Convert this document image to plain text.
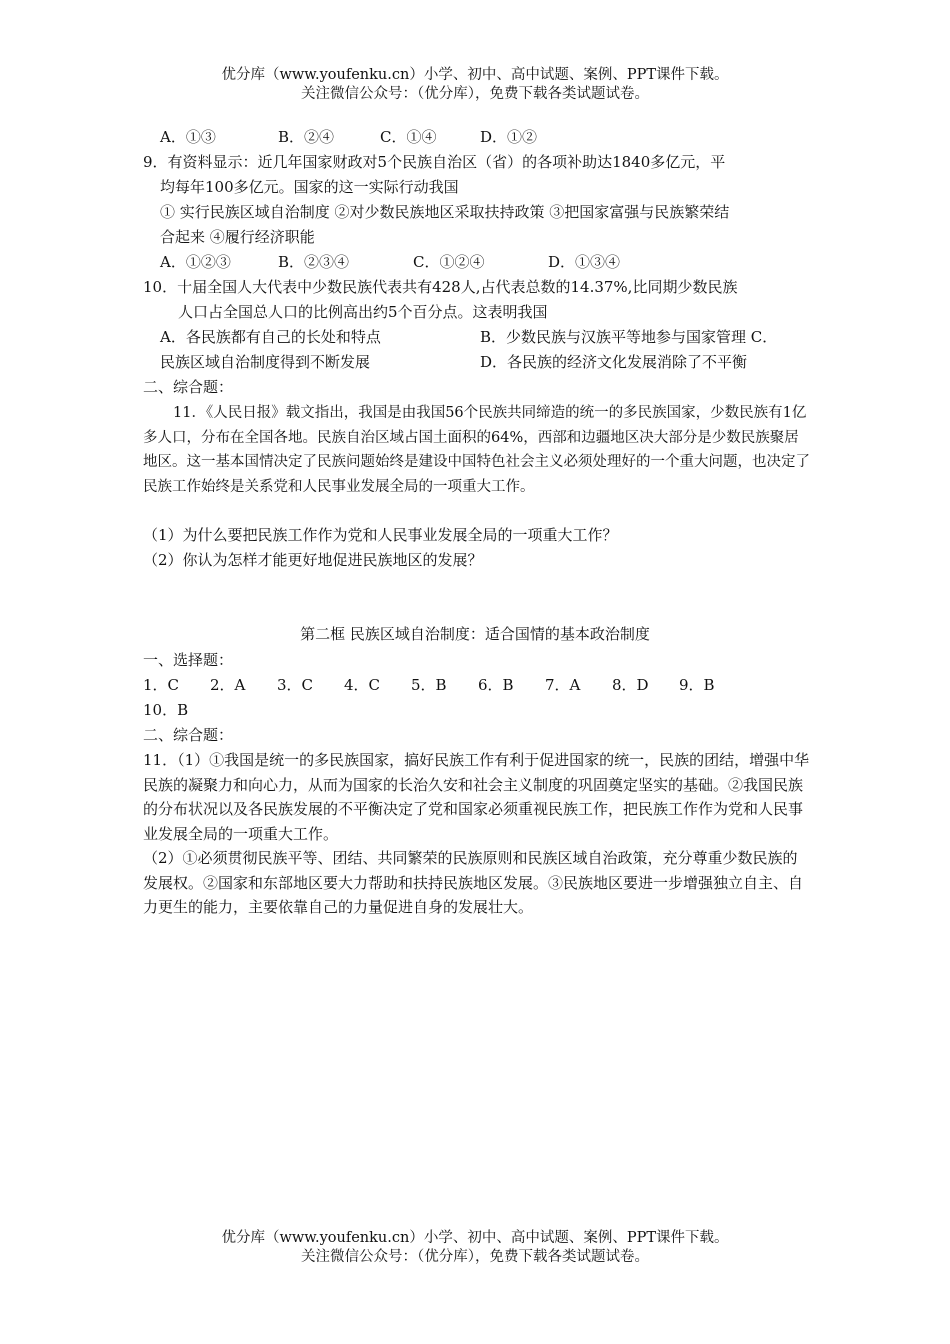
优分库（www.youfenku.cn）小学、初中、高中试题、案例、PPT课件下载。
关注微信公众号：（优分库），免费下载各类试题试卷。
A．①③	B．②④	C．①④	D．①②
9．有资料显示：近几年国家财政对5个民族自治区（省）的各项补助达1840多亿元，平
均每年100多亿元。国家的这一实际行动我国
① 实行民族区域自治制度 ②对少数民族地区采取扶持政策 ③把国家富强与民族繁荣结
合起来 ④履行经济职能
A．①②③	B．②③④	C．①②④	D．①③④
10．十届全国人大代表中少数民族代表共有428人,占代表总数的14.37%,比同期少数民族
人口占全国总人口的比例高出约5个百分点。这表明我国
A．各民族都有自己的长处和特点	B．少数民族与汉族平等地参与国家管理 C．
民族区域自治制度得到不断发展	D．各民族的经济文化发展消除了不平衡
二、综合题：
11．《人民日报》载文指出，我国是由我国56个民族共同缔造的统一的多民族国家，少数民族有1亿多人口，分布在全国各地。民族自治区域占国土面积的64%，西部和边疆地区决大部分是少数民族聚居地区。这一基本国情决定了民族问题始终是建设中国特色社会主义必须处理好的一个重大问题，也决定了民族工作始终是关系党和人民事业发展全局的一项重大工作。
（1）为什么要把民族工作作为党和人民事业发展全局的一项重大工作？
（2）你认为怎样才能更好地促进民族地区的发展？
第二框 民族区域自治制度：适合国情的基本政治制度
一、选择题：
1．C 2．A 3．C 4．C 5．B 6．B 7．A 8．D 9．B
10．B
二、综合题：
11．（1）①我国是统一的多民族国家，搞好民族工作有利于促进国家的统一，民族的团结，增强中华民族的凝聚力和向心力，从而为国家的长治久安和社会主义制度的巩固奠定坚实的基础。②我国民族的分布状况以及各民族发展的不平衡决定了党和国家必须重视民族工作，把民族工作作为党和人民事业发展全局的一项重大工作。
（2）①必须贯彻民族平等、团结、共同繁荣的民族原则和民族区域自治政策，充分尊重少数民族的发展权。②国家和东部地区要大力帮助和扶持民族地区发展。③民族地区要进一步增强独立自主、自力更生的能力，主要依靠自己的力量促进自身的发展壮大。
优分库（www.youfenku.cn）小学、初中、高中试题、案例、PPT课件下载。
关注微信公众号：（优分库），免费下载各类试题试卷。
